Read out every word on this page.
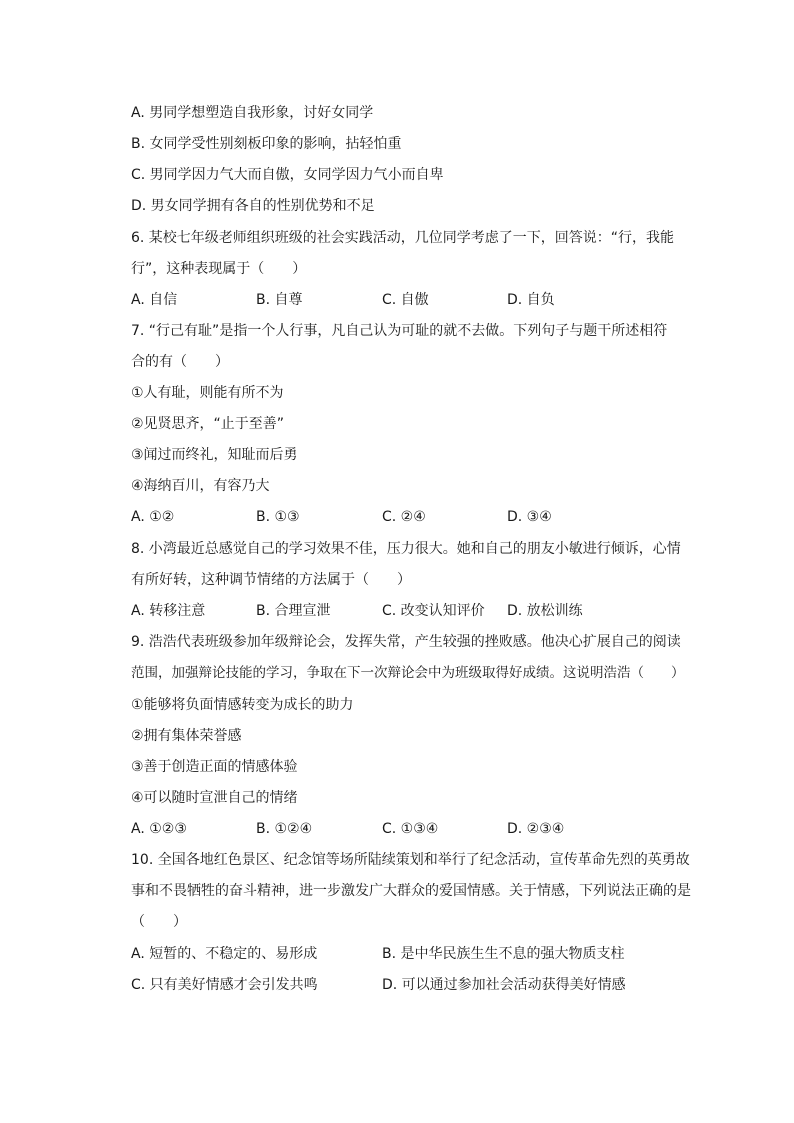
A. 男同学想塑造自我形象，讨好女同学
B. 女同学受性别刻板印象的影响，拈轻怕重
C. 男同学因力气大而自傲，女同学因力气小而自卑
D. 男女同学拥有各自的性别优势和不足
6. 某校七年级老师组织班级的社会实践活动，几位同学考虑了一下，回答说：“行，我能
行”，这种表现属于（　　）
A. 自信	B. 自尊	C. 自傲	D. 自负
7. “行己有耻”是指一个人行事，凡自己认为可耻的就不去做。下列句子与题干所述相符
合的有（　　）
①人有耻，则能有所不为
②见贤思齐，“止于至善”
③闻过而终礼，知耻而后勇
④海纳百川，有容乃大
A. ①②	B. ①③	C. ②④	D. ③④
8. 小湾最近总感觉自己的学习效果不佳，压力很大。她和自己的朋友小敏进行倾诉，心情
有所好转，这种调节情绪的方法属于（　　）
A. 转移注意	B. 合理宣泄	C. 改变认知评价 D. 放松训练
9. 浩浩代表班级参加年级辩论会，发挥失常，产生较强的挫败感。他决心扩展自己的阅读
范围，加强辩论技能的学习，争取在下一次辩论会中为班级取得好成绩。这说明浩浩（　　）
①能够将负面情感转变为成长的助力
②拥有集体荣誉感
③善于创造正面的情感体验
④可以随时宣泄自己的情绪
A. ①②③	B. ①②④	C. ①③④	D. ②③④
10. 全国各地红色景区、纪念馆等场所陆续策划和举行了纪念活动，宣传革命先烈的英勇故
事和不畏牺牲的奋斗精神，进一步激发广大群众的爱国情感。关于情感，下列说法正确的是
（　　）
A. 短暂的、不稳定的、易形成	B. 是中华民族生生不息的强大物质支柱
C. 只有美好情感才会引发共鸣	D. 可以通过参加社会活动获得美好情感
